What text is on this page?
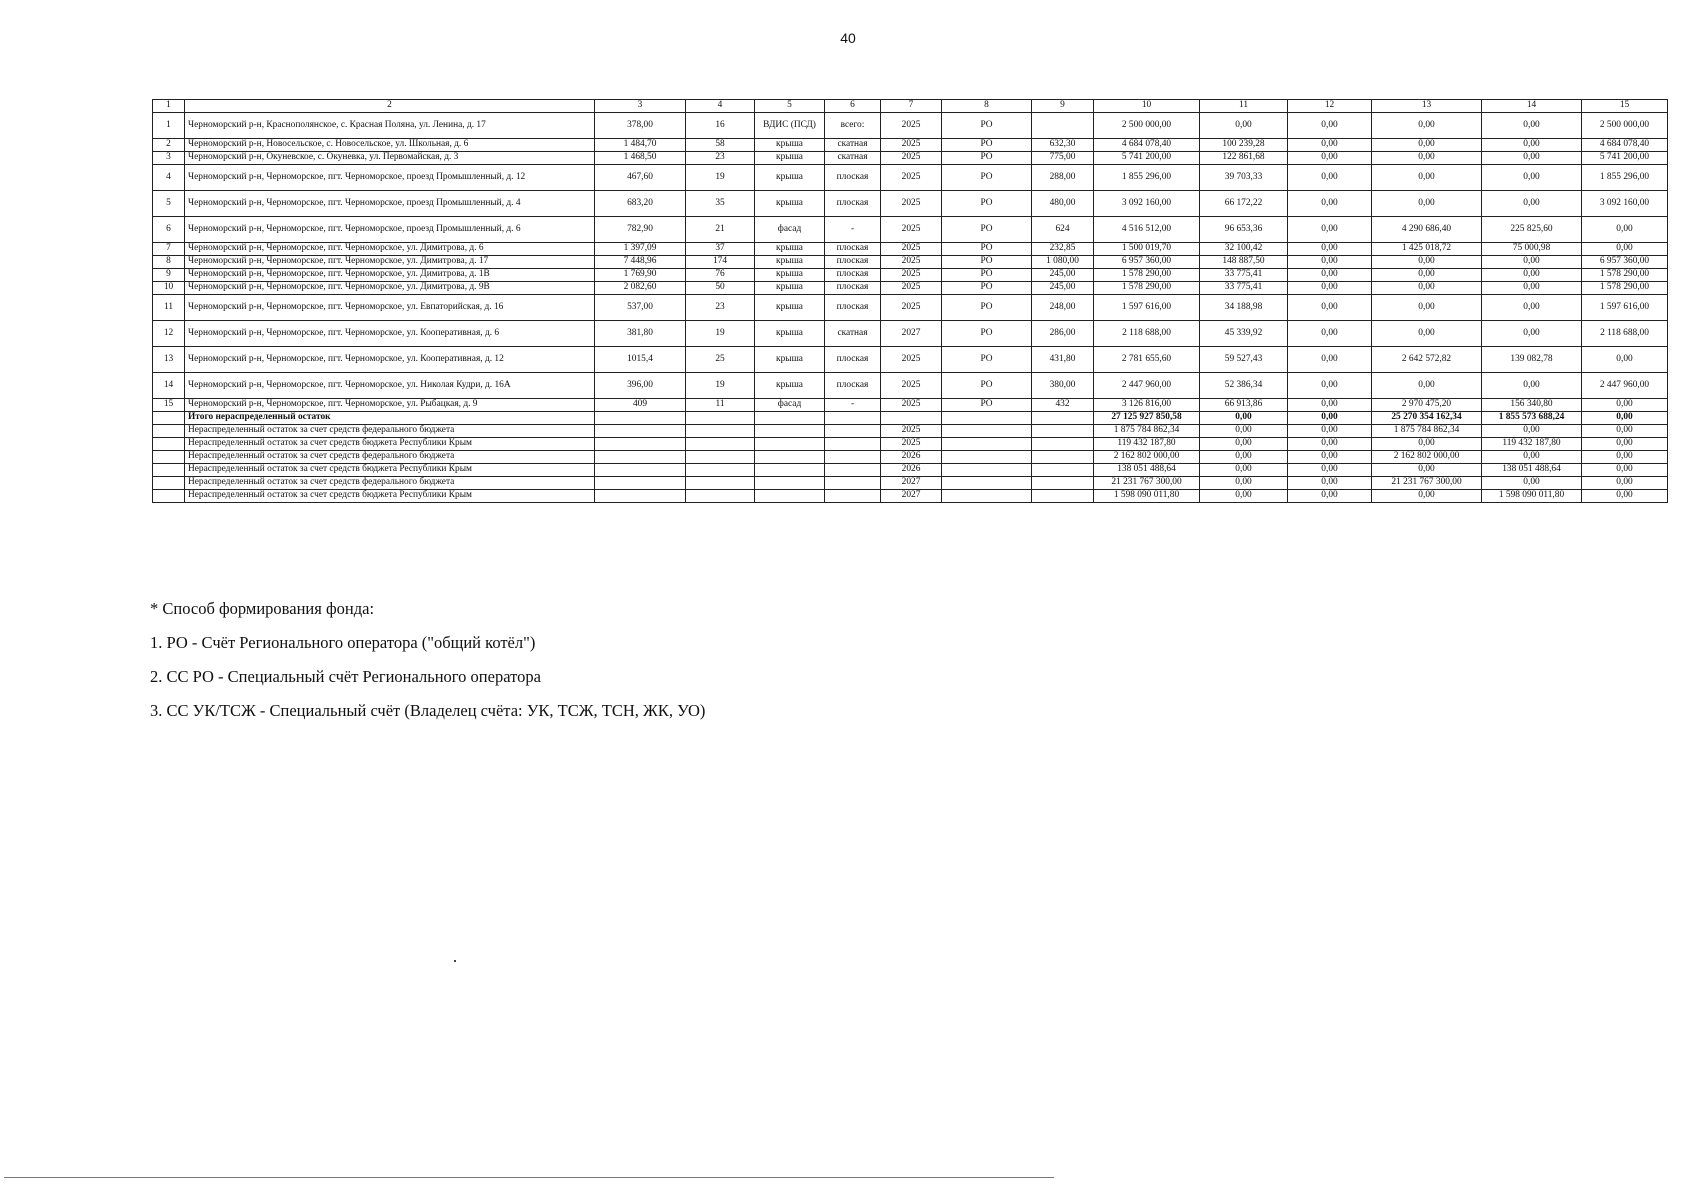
40
1	2	3	4	5	6	7	8	9	10	11	12	13	14	15
1	Черноморский р-н, Краснополянское, с. Красная Поляна, ул. Ленина, д. 17	378,00	16	ВДИС (ПСД)	всего:	2025	РО		2 500 000,00	0,00	0,00	0,00	0,00	2 500 000,00
2	Черноморский р-н, Новосельское, с. Новосельское, ул. Школьная, д. 6	1 484,70	58	крыша	скатная	2025	РО	632,30	4 684 078,40	100 239,28	0,00	0,00	0,00	4 684 078,40
3	Черноморский р-н, Окуневское, с. Окуневка, ул. Первомайская, д. 3	1 468,50	23	крыша	скатная	2025	РО	775,00	5 741 200,00	122 861,68	0,00	0,00	0,00	5 741 200,00
4	Черноморский р-н, Черноморское, пгт. Черноморское, проезд Промышленный, д. 12	467,60	19	крыша	плоская	2025	РО	288,00	1 855 296,00	39 703,33	0,00	0,00	0,00	1 855 296,00
5	Черноморский р-н, Черноморское, пгт. Черноморское, проезд Промышленный, д. 4	683,20	35	крыша	плоская	2025	РО	480,00	3 092 160,00	66 172,22	0,00	0,00	0,00	3 092 160,00
6	Черноморский р-н, Черноморское, пгт. Черноморское, проезд Промышленный, д. 6	782,90	21	фасад	-	2025	РО	624	4 516 512,00	96 653,36	0,00	4 290 686,40	225 825,60	0,00
7	Черноморский р-н, Черноморское, пгт. Черноморское, ул. Димитрова, д. 6	1 397,09	37	крыша	плоская	2025	РО	232,85	1 500 019,70	32 100,42	0,00	1 425 018,72	75 000,98	0,00
8	Черноморский р-н, Черноморское, пгт. Черноморское, ул. Димитрова, д. 17	7 448,96	174	крыша	плоская	2025	РО	1 080,00	6 957 360,00	148 887,50	0,00	0,00	0,00	6 957 360,00
9	Черноморский р-н, Черноморское, пгт. Черноморское, ул. Димитрова, д. 1В	1 769,90	76	крыша	плоская	2025	РО	245,00	1 578 290,00	33 775,41	0,00	0,00	0,00	1 578 290,00
10	Черноморский р-н, Черноморское, пгт. Черноморское, ул. Димитрова, д. 9В	2 082,60	50	крыша	плоская	2025	РО	245,00	1 578 290,00	33 775,41	0,00	0,00	0,00	1 578 290,00
11	Черноморский р-н, Черноморское, пгт. Черноморское, ул. Евпаторийская, д. 16	537,00	23	крыша	плоская	2025	РО	248,00	1 597 616,00	34 188,98	0,00	0,00	0,00	1 597 616,00
12	Черноморский р-н, Черноморское, пгт. Черноморское, ул. Кооперативная, д. 6	381,80	19	крыша	скатная	2027	РО	286,00	2 118 688,00	45 339,92	0,00	0,00	0,00	2 118 688,00
13	Черноморский р-н, Черноморское, пгт. Черноморское, ул. Кооперативная, д. 12	1015,4	25	крыша	плоская	2025	РО	431,80	2 781 655,60	59 527,43	0,00	2 642 572,82	139 082,78	0,00
14	Черноморский р-н, Черноморское, пгт. Черноморское, ул. Николая Кудри, д. 16А	396,00	19	крыша	плоская	2025	РО	380,00	2 447 960,00	52 386,34	0,00	0,00	0,00	2 447 960,00
15	Черноморский р-н, Черноморское, пгт. Черноморское, ул. Рыбацкая, д. 9	409	11	фасад	-	2025	РО	432	3 126 816,00	66 913,86	0,00	2 970 475,20	156 340,80	0,00
	Итого нераспределенный остаток								27 125 927 850,58	0,00	0,00	25 270 354 162,34	1 855 573 688,24	0,00
	Нераспределенный остаток за счет средств федерального бюджета					2025			1 875 784 862,34	0,00	0,00	1 875 784 862,34	0,00	0,00
	Нераспределенный остаток за счет средств бюджета Республики Крым					2025			119 432 187,80	0,00	0,00	0,00	119 432 187,80	0,00
	Нераспределенный остаток за счет средств федерального бюджета					2026			2 162 802 000,00	0,00	0,00	2 162 802 000,00	0,00	0,00
	Нераспределенный остаток за счет средств бюджета Республики Крым					2026			138 051 488,64	0,00	0,00	0,00	138 051 488,64	0,00
	Нераспределенный остаток за счет средств федерального бюджета					2027			21 231 767 300,00	0,00	0,00	21 231 767 300,00	0,00	0,00
	Нераспределенный остаток за счет средств бюджета Республики Крым					2027			1 598 090 011,80	0,00	0,00	0,00	1 598 090 011,80	0,00
* Способ формирования фонда:
1. РО - Счёт Регионального оператора ("общий котёл")
2. СС РО - Специальный счёт Регионального оператора
3. СС УК/ТСЖ - Специальный счёт (Владелец счёта: УК, ТСЖ, ТСН, ЖК, УО)
